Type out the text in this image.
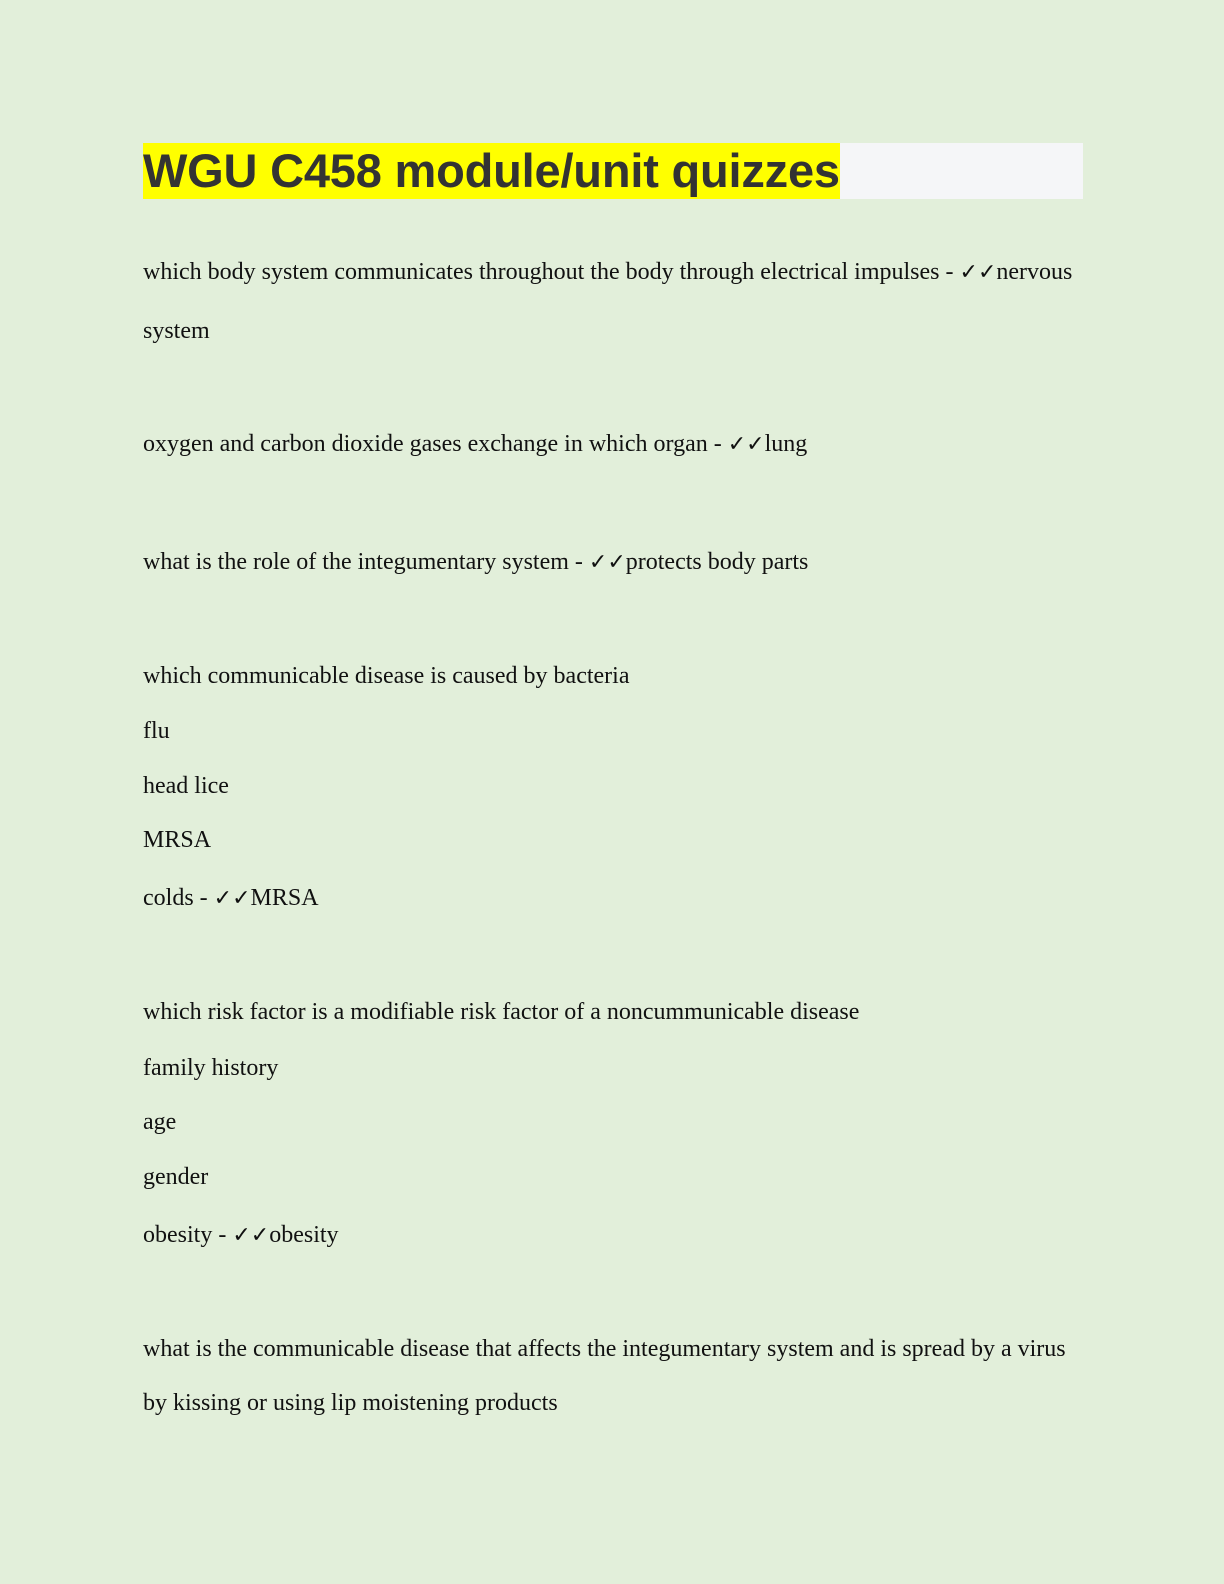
WGU C458 module/unit quizzes
which body system communicates throughout the body through electrical impulses - ✓✓nervous
system
oxygen and carbon dioxide gases exchange in which organ - ✓✓lung
what is the role of the integumentary system - ✓✓protects body parts
which communicable disease is caused by bacteria
flu
head lice
MRSA
colds - ✓✓MRSA
which risk factor is a modifiable risk factor of a noncummunicable disease
family history
age
gender
obesity - ✓✓obesity
what is the communicable disease that affects the integumentary system and is spread by a virus
by kissing or using lip moistening products
